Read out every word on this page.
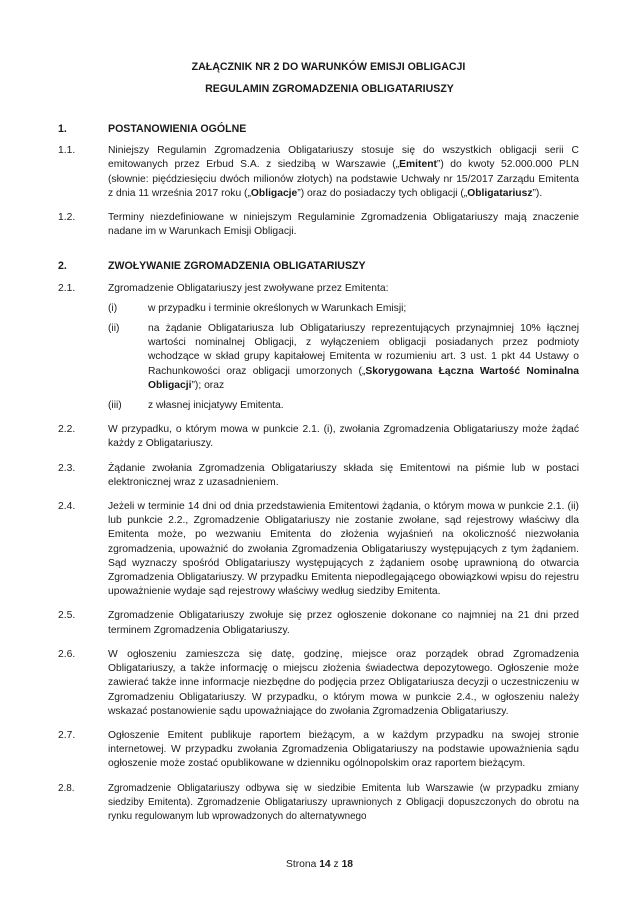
ZAŁĄCZNIK NR 2 DO WARUNKÓW EMISJI OBLIGACJI
REGULAMIN ZGROMADZENIA OBLIGATARIUSZY
1.	POSTANOWIENIA OGÓLNE
1.1.	Niniejszy Regulamin Zgromadzenia Obligatariuszy stosuje się do wszystkich obligacji serii C emitowanych przez Erbud S.A. z siedzibą w Warszawie („Emitent”) do kwoty 52.000.000 PLN (słownie: pięćdziesięciu dwóch milionów złotych) na podstawie Uchwały nr 15/2017 Zarządu Emitenta z dnia 11 września 2017 roku („Obligacje”) oraz do posiadaczy tych obligacji („Obligatariusz”).
1.2.	Terminy niezdefiniowane w niniejszym Regulaminie Zgromadzenia Obligatariuszy mają znaczenie nadane im w Warunkach Emisji Obligacji.
2.	ZWOŁYWANIE ZGROMADZENIA OBLIGATARIUSZY
2.1.	Zgromadzenie Obligatariuszy jest zwoływane przez Emitenta:
(i)	w przypadku i terminie określonych w Warunkach Emisji;
(ii)	na żądanie Obligatariusza lub Obligatariuszy reprezentujących przynajmniej 10% łącznej wartości nominalnej Obligacji, z wyłączeniem obligacji posiadanych przez podmioty wchodzące w skład grupy kapitałowej Emitenta w rozumieniu art. 3 ust. 1 pkt 44 Ustawy o Rachunkowości oraz obligacji umorzonych („Skorygowana Łączna Wartość Nominalna Obligacji”); oraz
(iii)	z własnej inicjatywy Emitenta.
2.2.	W przypadku, o którym mowa w punkcie 2.1. (i), zwołania Zgromadzenia Obligatariuszy może żądać każdy z Obligatariuszy.
2.3.	Żądanie zwołania Zgromadzenia Obligatariuszy składa się Emitentowi na piśmie lub w postaci elektronicznej wraz z uzasadnieniem.
2.4.	Jeżeli w terminie 14 dni od dnia przedstawienia Emitentowi żądania, o którym mowa w punkcie 2.1. (ii) lub punkcie 2.2., Zgromadzenie Obligatariuszy nie zostanie zwołane, sąd rejestrowy właściwy dla Emitenta może, po wezwaniu Emitenta do złożenia wyjaśnień na okoliczność niezwołania zgromadzenia, upoważnić do zwołania Zgromadzenia Obligatariuszy występujących z tym żądaniem. Sąd wyznaczy spośród Obligatariuszy występujących z żądaniem osobę uprawnioną do otwarcia Zgromadzenia Obligatariuszy. W przypadku Emitenta niepodlegającego obowiązkowi wpisu do rejestru upoważnienie wydaje sąd rejestrowy właściwy według siedziby Emitenta.
2.5.	Zgromadzenie Obligatariuszy zwołuje się przez ogłoszenie dokonane co najmniej na 21 dni przed terminem Zgromadzenia Obligatariuszy.
2.6.	W ogłoszeniu zamieszcza się datę, godzinę, miejsce oraz porządek obrad Zgromadzenia Obligatariuszy, a także informację o miejscu złożenia świadectwa depozytowego. Ogłoszenie może zawierać także inne informacje niezbędne do podjęcia przez Obligatariusza decyzji o uczestniczeniu w Zgromadzeniu Obligatariuszy. W przypadku, o którym mowa w punkcie 2.4., w ogłoszeniu należy wskazać postanowienie sądu upoważniające do zwołania Zgromadzenia Obligatariuszy.
2.7.	Ogłoszenie Emitent publikuje raportem bieżącym, a w każdym przypadku na swojej stronie internetowej. W przypadku zwołania Zgromadzenia Obligatariuszy na podstawie upoważnienia sądu ogłoszenie może zostać opublikowane w dzienniku ogólnopolskim oraz raportem bieżącym.
2.8.	Zgromadzenie Obligatariuszy odbywa się w siedzibie Emitenta lub Warszawie (w przypadku zmiany siedziby Emitenta). Zgromadzenie Obligatariuszy uprawnionych z Obligacji dopuszczonych do obrotu na rynku regulowanym lub wprowadzonych do alternatywnego
Strona 14 z 18
